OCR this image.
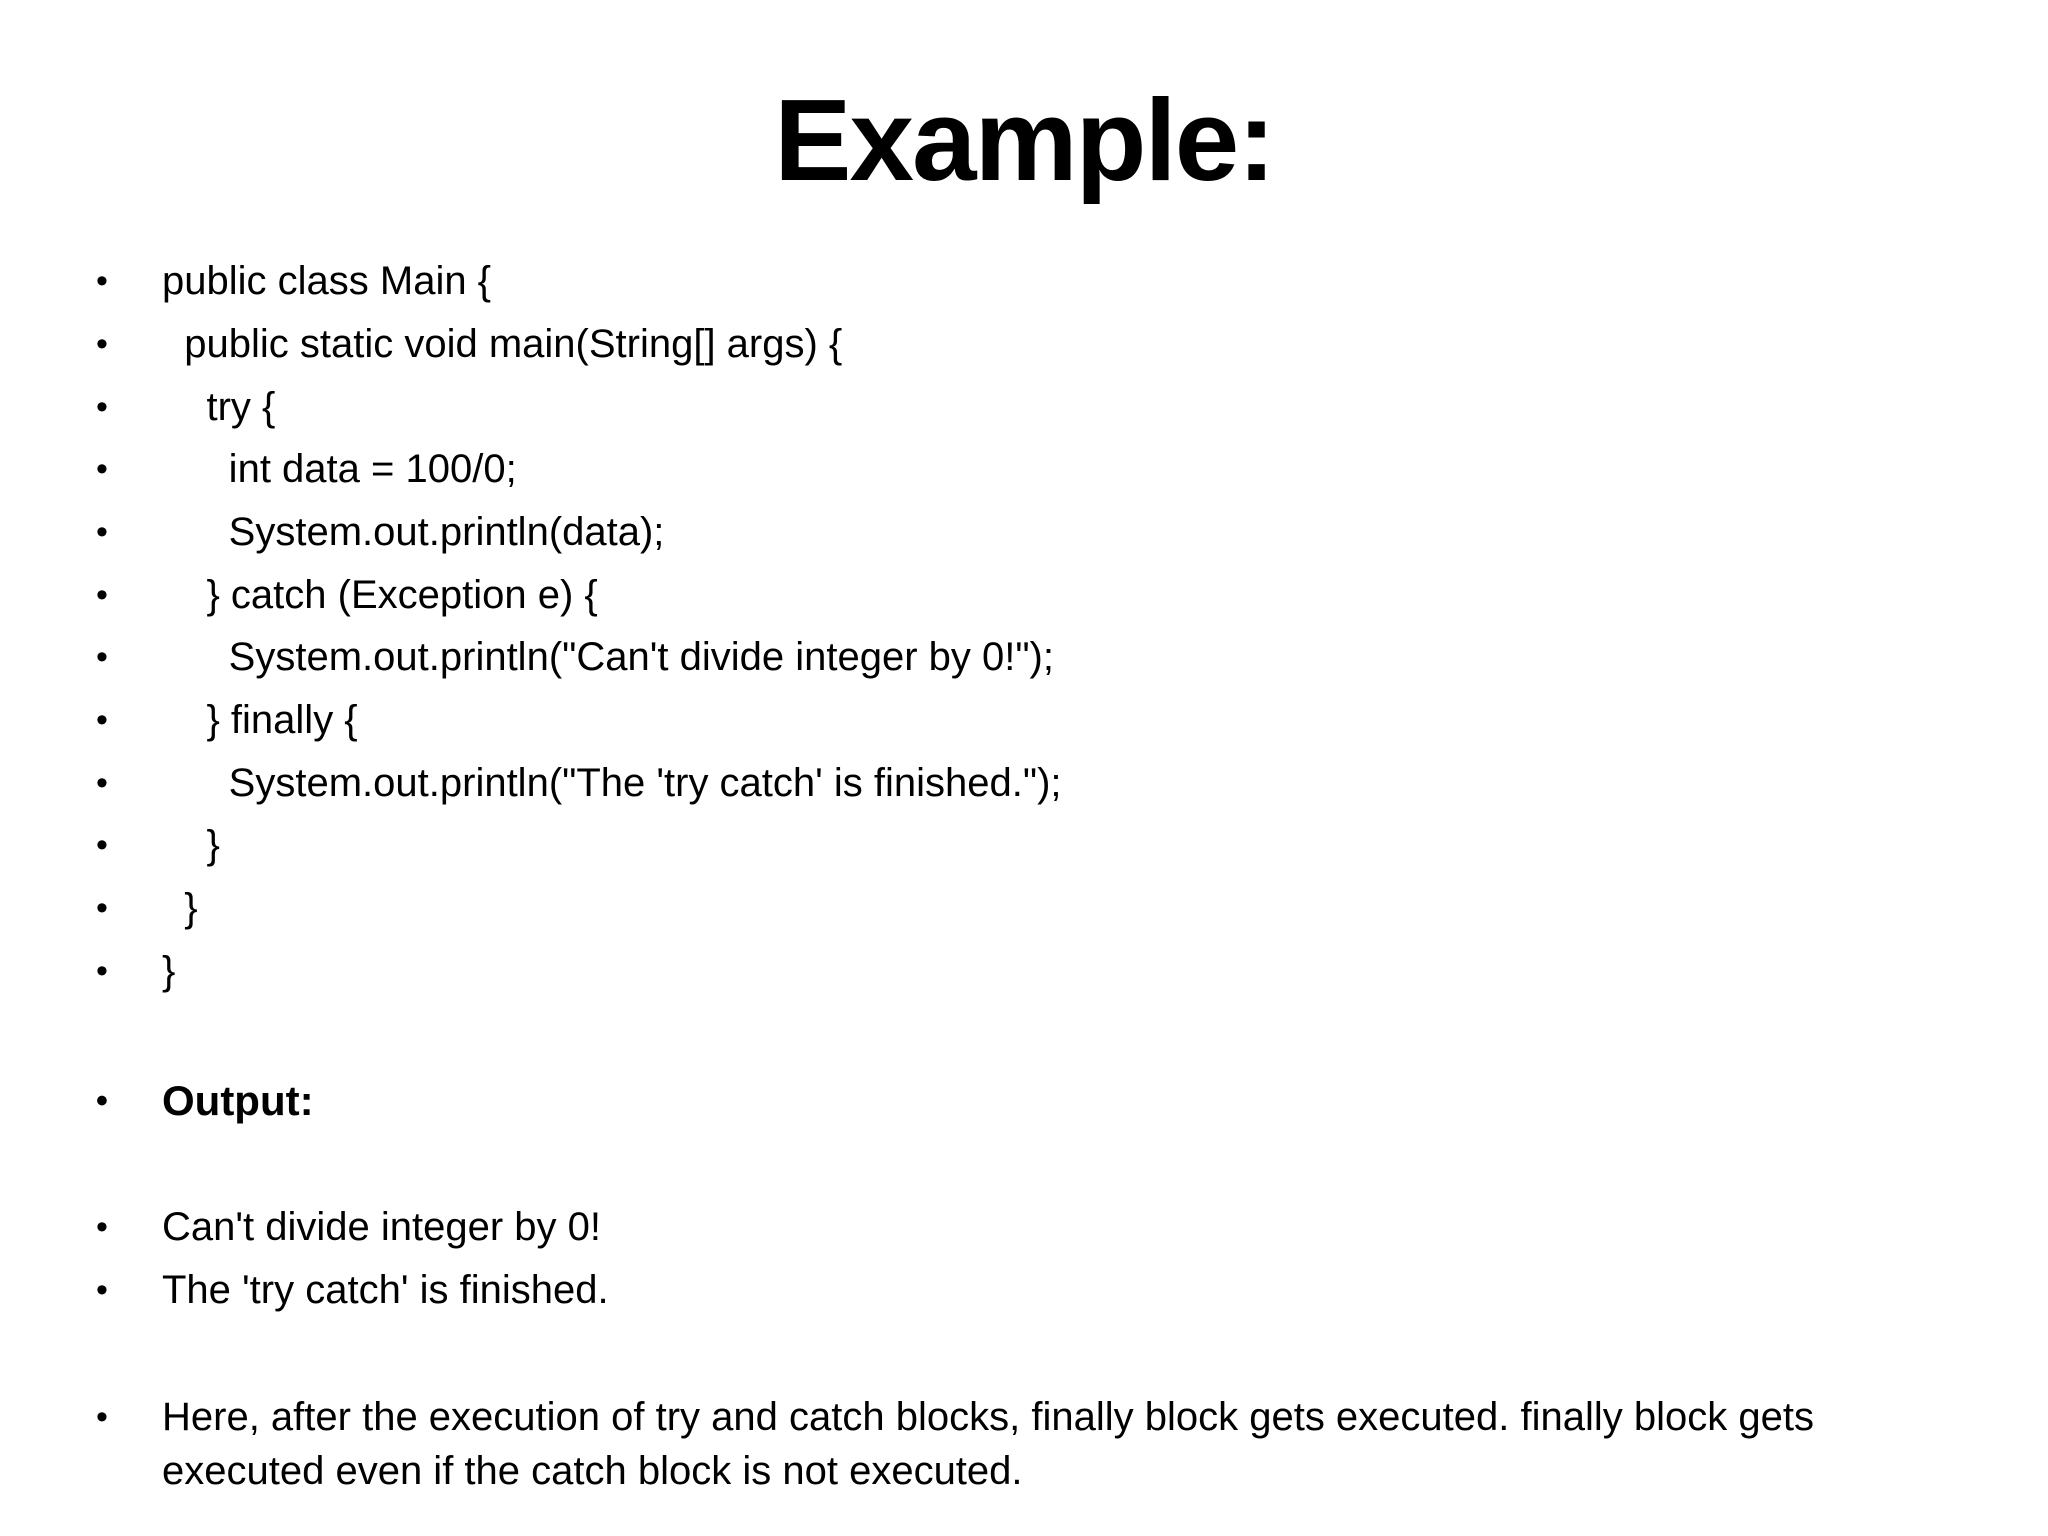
Example:
• public class Main {
•   public static void main(String[] args) {
•     try {
•       int data = 100/0;
•       System.out.println(data);
•     } catch (Exception e) {
•       System.out.println("Can't divide integer by 0!");
•     } finally {
•       System.out.println("The 'try catch' is finished.");
•     }
•   }
• }
• Output:
• Can't divide integer by 0!
• The 'try catch' is finished.
• Here, after the execution of try and catch blocks, finally block gets executed. finally block gets executed even if the catch block is not executed.
